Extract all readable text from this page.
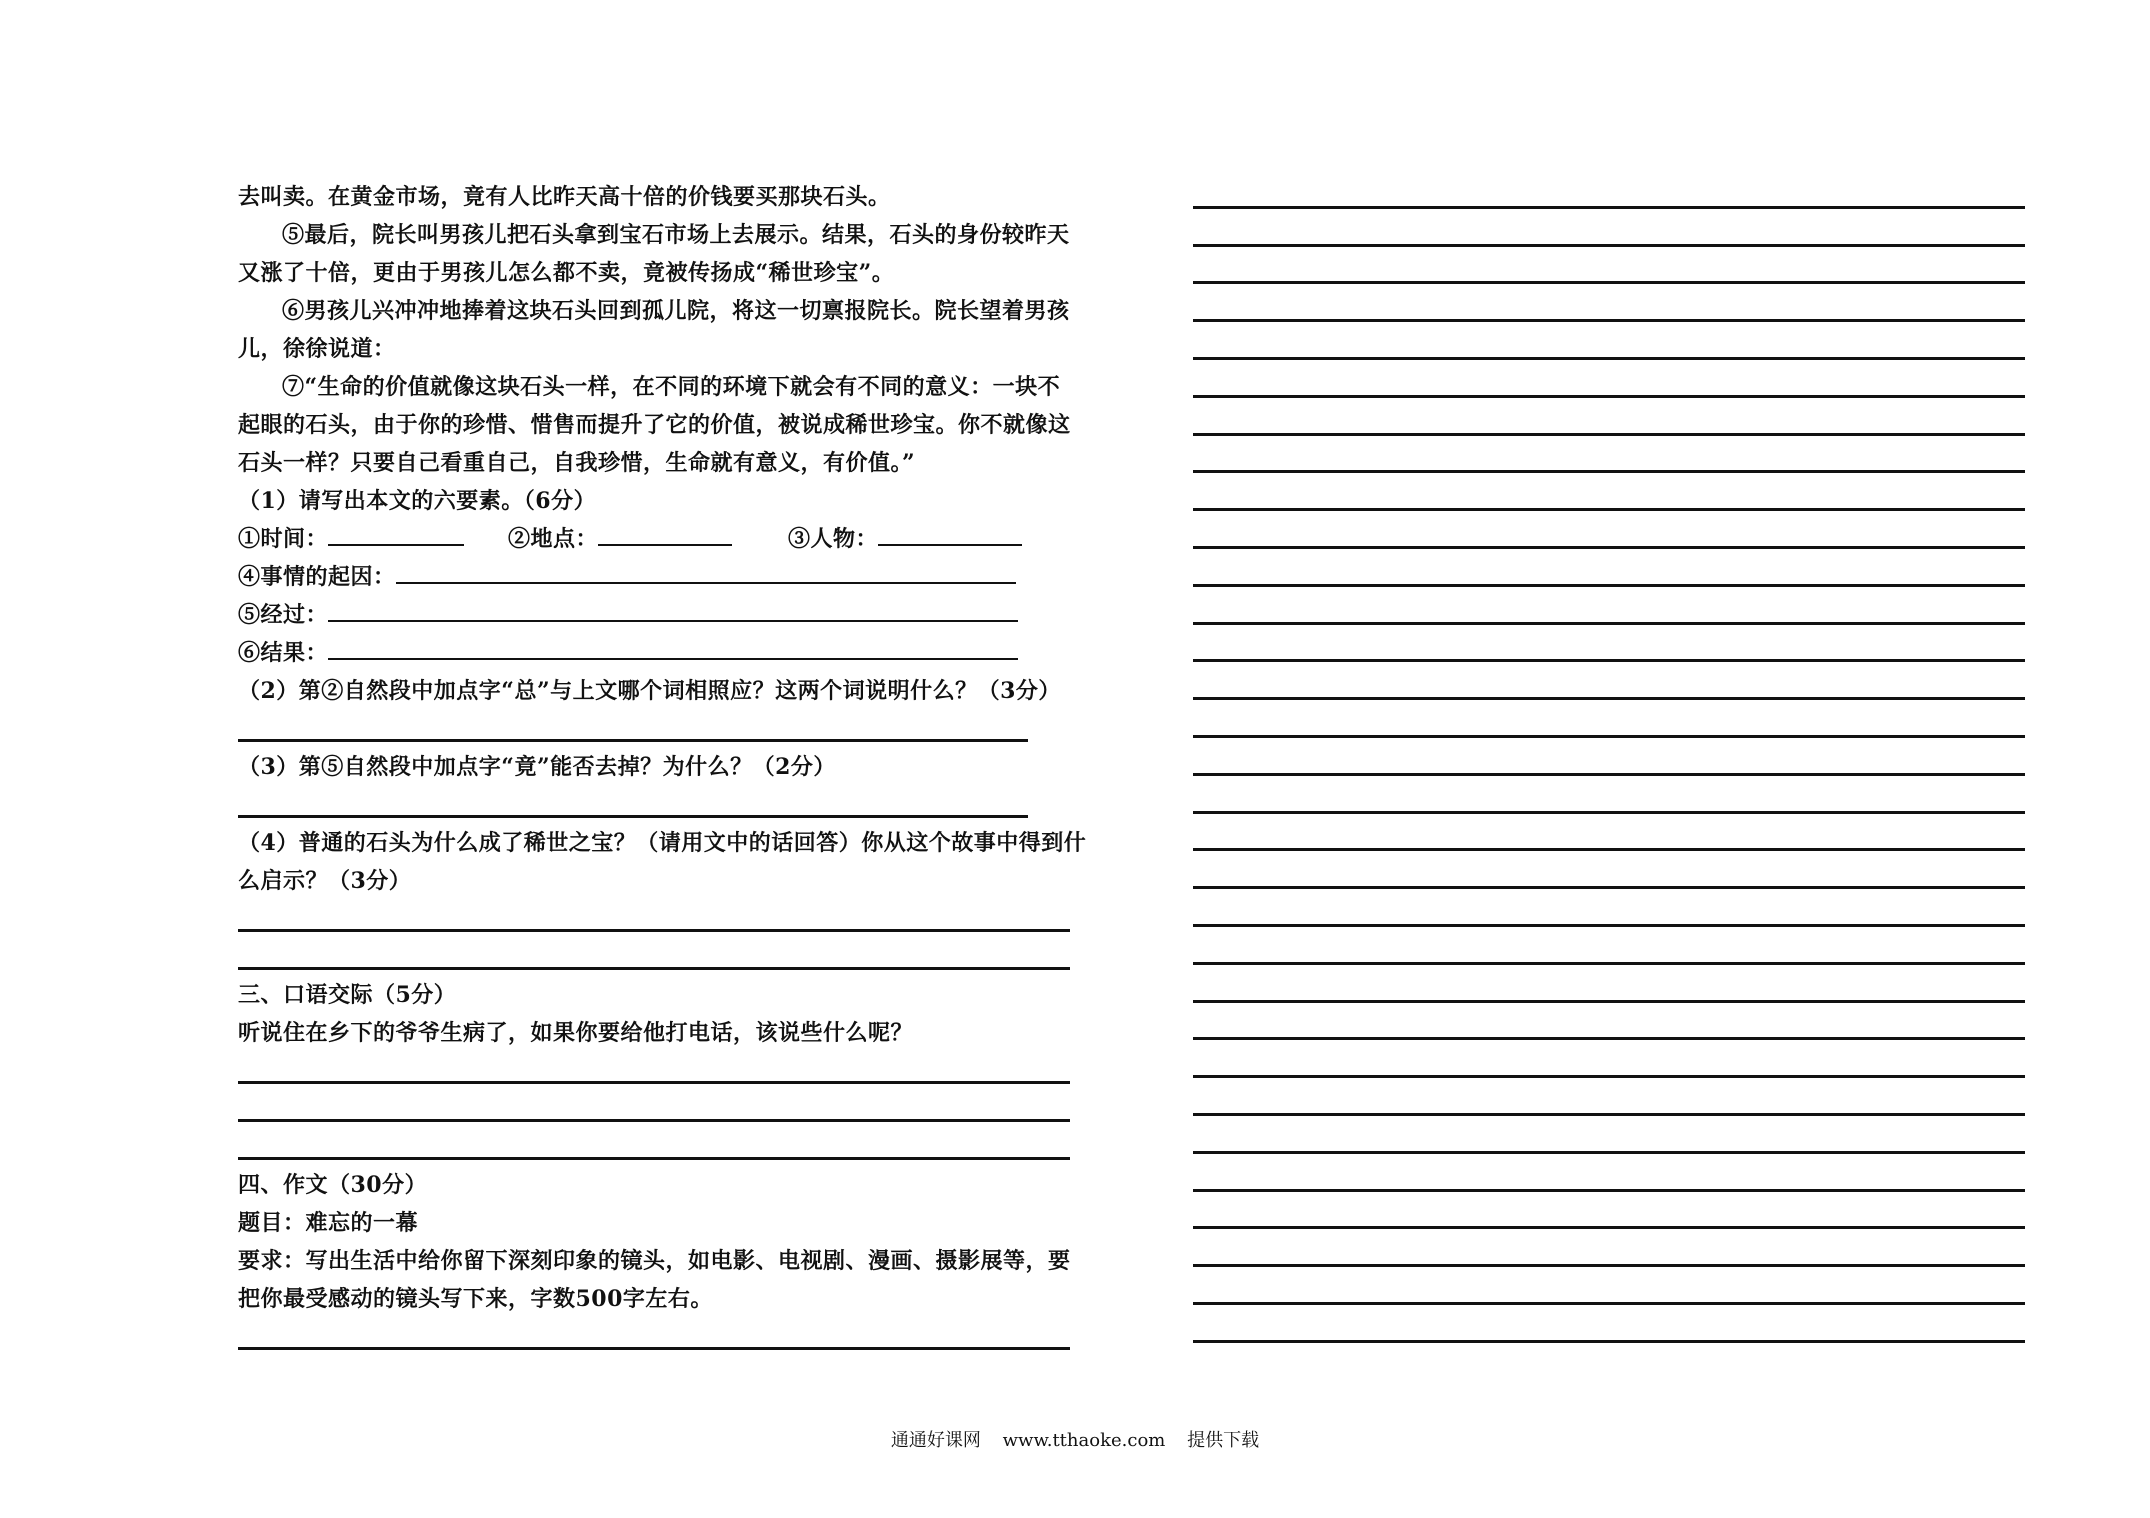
去叫卖。在黄金市场，竟有人比昨天高十倍的价钱要买那块石头。
⑤最后，院长叫男孩儿把石头拿到宝石市场上去展示。结果，石头的身份较昨天
又涨了十倍，更由于男孩儿怎么都不卖，竟被传扬成“稀世珍宝”。
⑥男孩儿兴冲冲地捧着这块石头回到孤儿院，将这一切禀报院长。院长望着男孩
儿，徐徐说道：
⑦“生命的价值就像这块石头一样，在不同的环境下就会有不同的意义：一块不
起眼的石头，由于你的珍惜、惜售而提升了它的价值，被说成稀世珍宝。你不就像这
石头一样？只要自己看重自己，自我珍惜，生命就有意义，有价值。”
（1）请写出本文的六要素。（6分）
①时间：	②地点：	③人物：
④事情的起因：
⑤经过：
⑥结果：
（2）第②自然段中加点字“总”与上文哪个词相照应？这两个词说明什么？（3分）
（3）第⑤自然段中加点字“竟”能否去掉？为什么？（2分）
（4）普通的石头为什么成了稀世之宝？（请用文中的话回答）你从这个故事中得到什
么启示？（3分）
三、口语交际（5分）
听说住在乡下的爷爷生病了，如果你要给他打电话，该说些什么呢？
四、作文（30分）
题目：难忘的一幕
要求：写出生活中给你留下深刻印象的镜头，如电影、电视剧、漫画、摄影展等，要
把你最受感动的镜头写下来，字数500字左右。
通通好课网 www.tthaoke.com 提供下载
